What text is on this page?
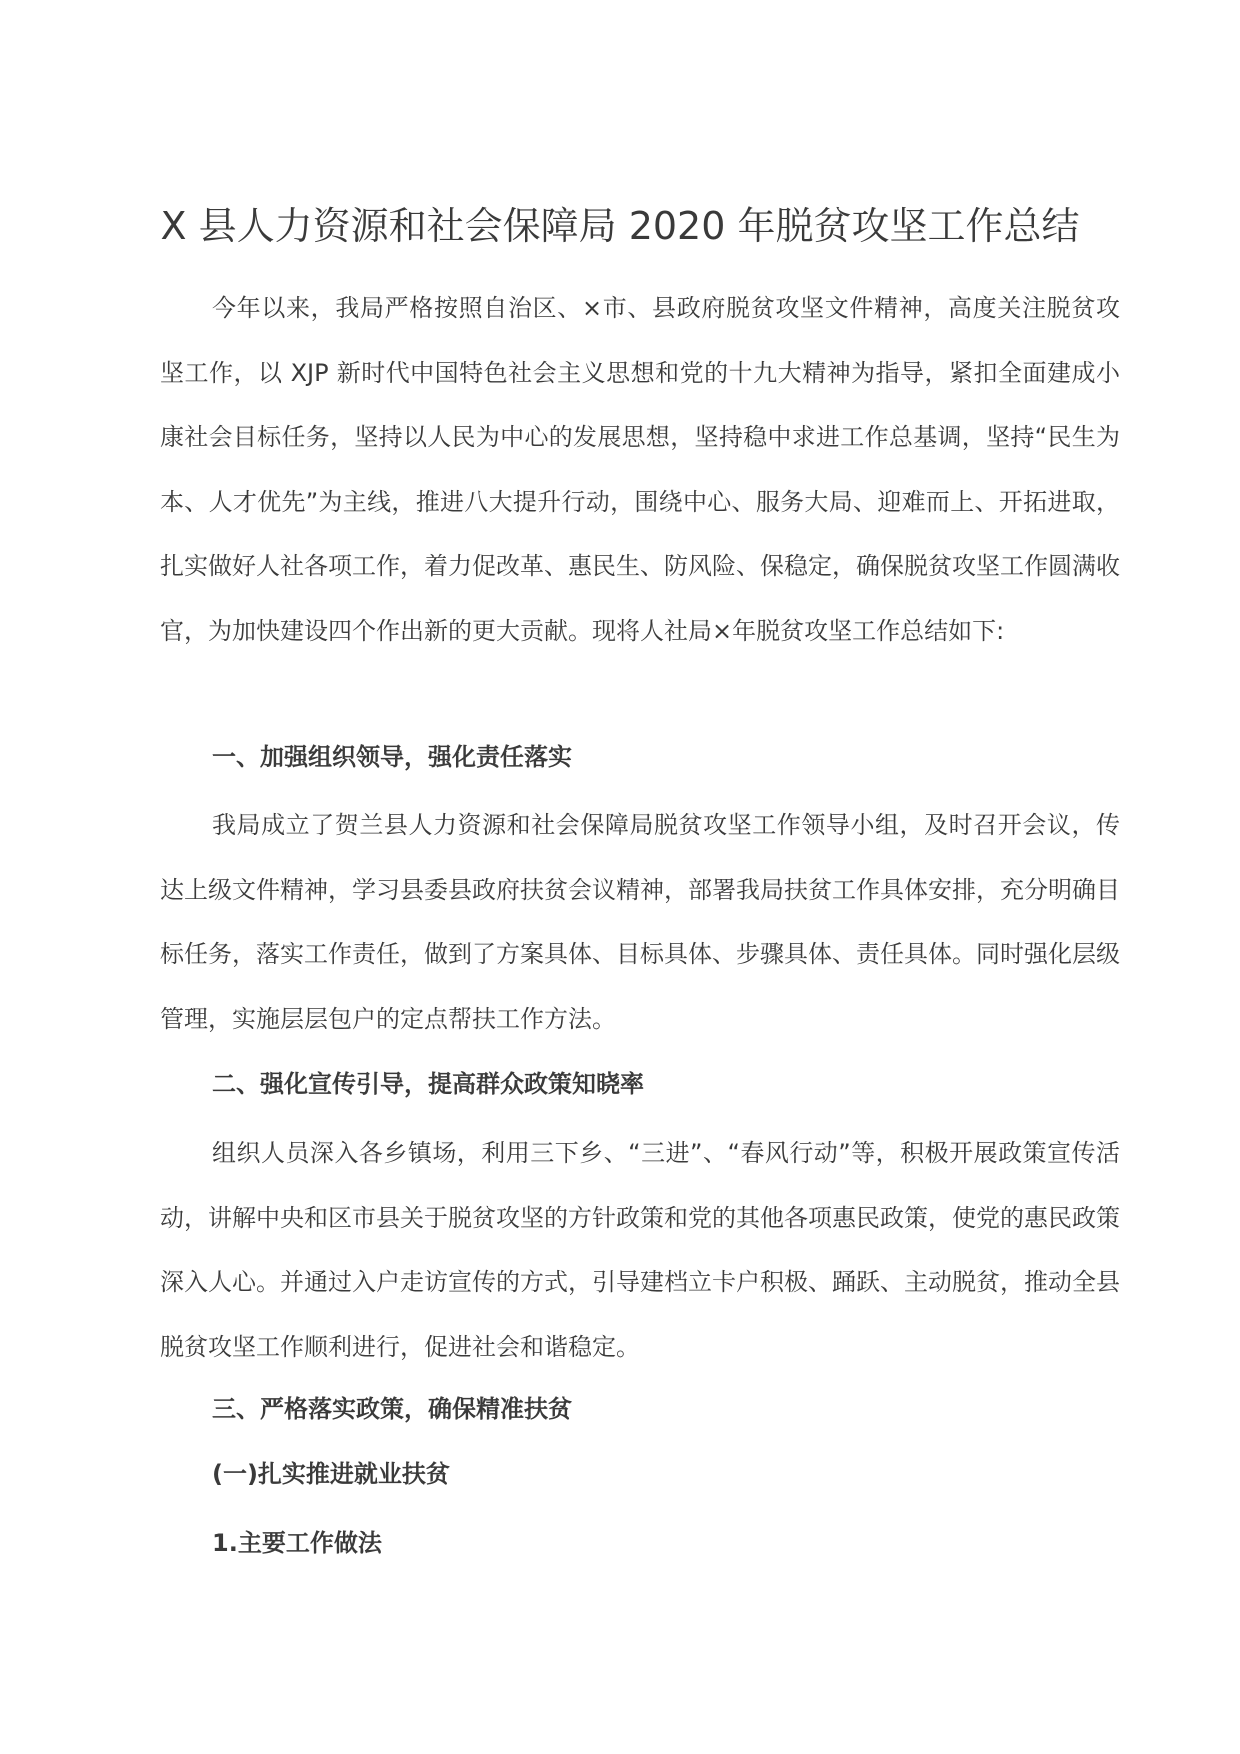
X 县人力资源和社会保障局 2020 年脱贫攻坚工作总结
今年以来，我局严格按照自治区、×市、县政府脱贫攻坚文件精神，高度关注脱贫攻坚工作，以 XJP 新时代中国特色社会主义思想和党的十九大精神为指导，紧扣全面建成小康社会目标任务，坚持以人民为中心的发展思想，坚持稳中求进工作总基调，坚持“民生为本、人才优先”为主线，推进八大提升行动，围绕中心、服务大局、迎难而上、开拓进取，扎实做好人社各项工作，着力促改革、惠民生、防风险、保稳定，确保脱贫攻坚工作圆满收官，为加快建设四个作出新的更大贡献。现将人社局×年脱贫攻坚工作总结如下:
一、加强组织领导，强化责任落实
我局成立了贺兰县人力资源和社会保障局脱贫攻坚工作领导小组，及时召开会议，传达上级文件精神，学习县委县政府扶贫会议精神，部署我局扶贫工作具体安排，充分明确目标任务，落实工作责任，做到了方案具体、目标具体、步骤具体、责任具体。同时强化层级管理，实施层层包户的定点帮扶工作方法。
二、强化宣传引导，提高群众政策知晓率
组织人员深入各乡镇场，利用三下乡、“三进”、“春风行动”等，积极开展政策宣传活动，讲解中央和区市县关于脱贫攻坚的方针政策和党的其他各项惠民政策，使党的惠民政策深入人心。并通过入户走访宣传的方式，引导建档立卡户积极、踊跃、主动脱贫，推动全县脱贫攻坚工作顺利进行，促进社会和谐稳定。
三、严格落实政策，确保精准扶贫
(一)扎实推进就业扶贫
1.主要工作做法
